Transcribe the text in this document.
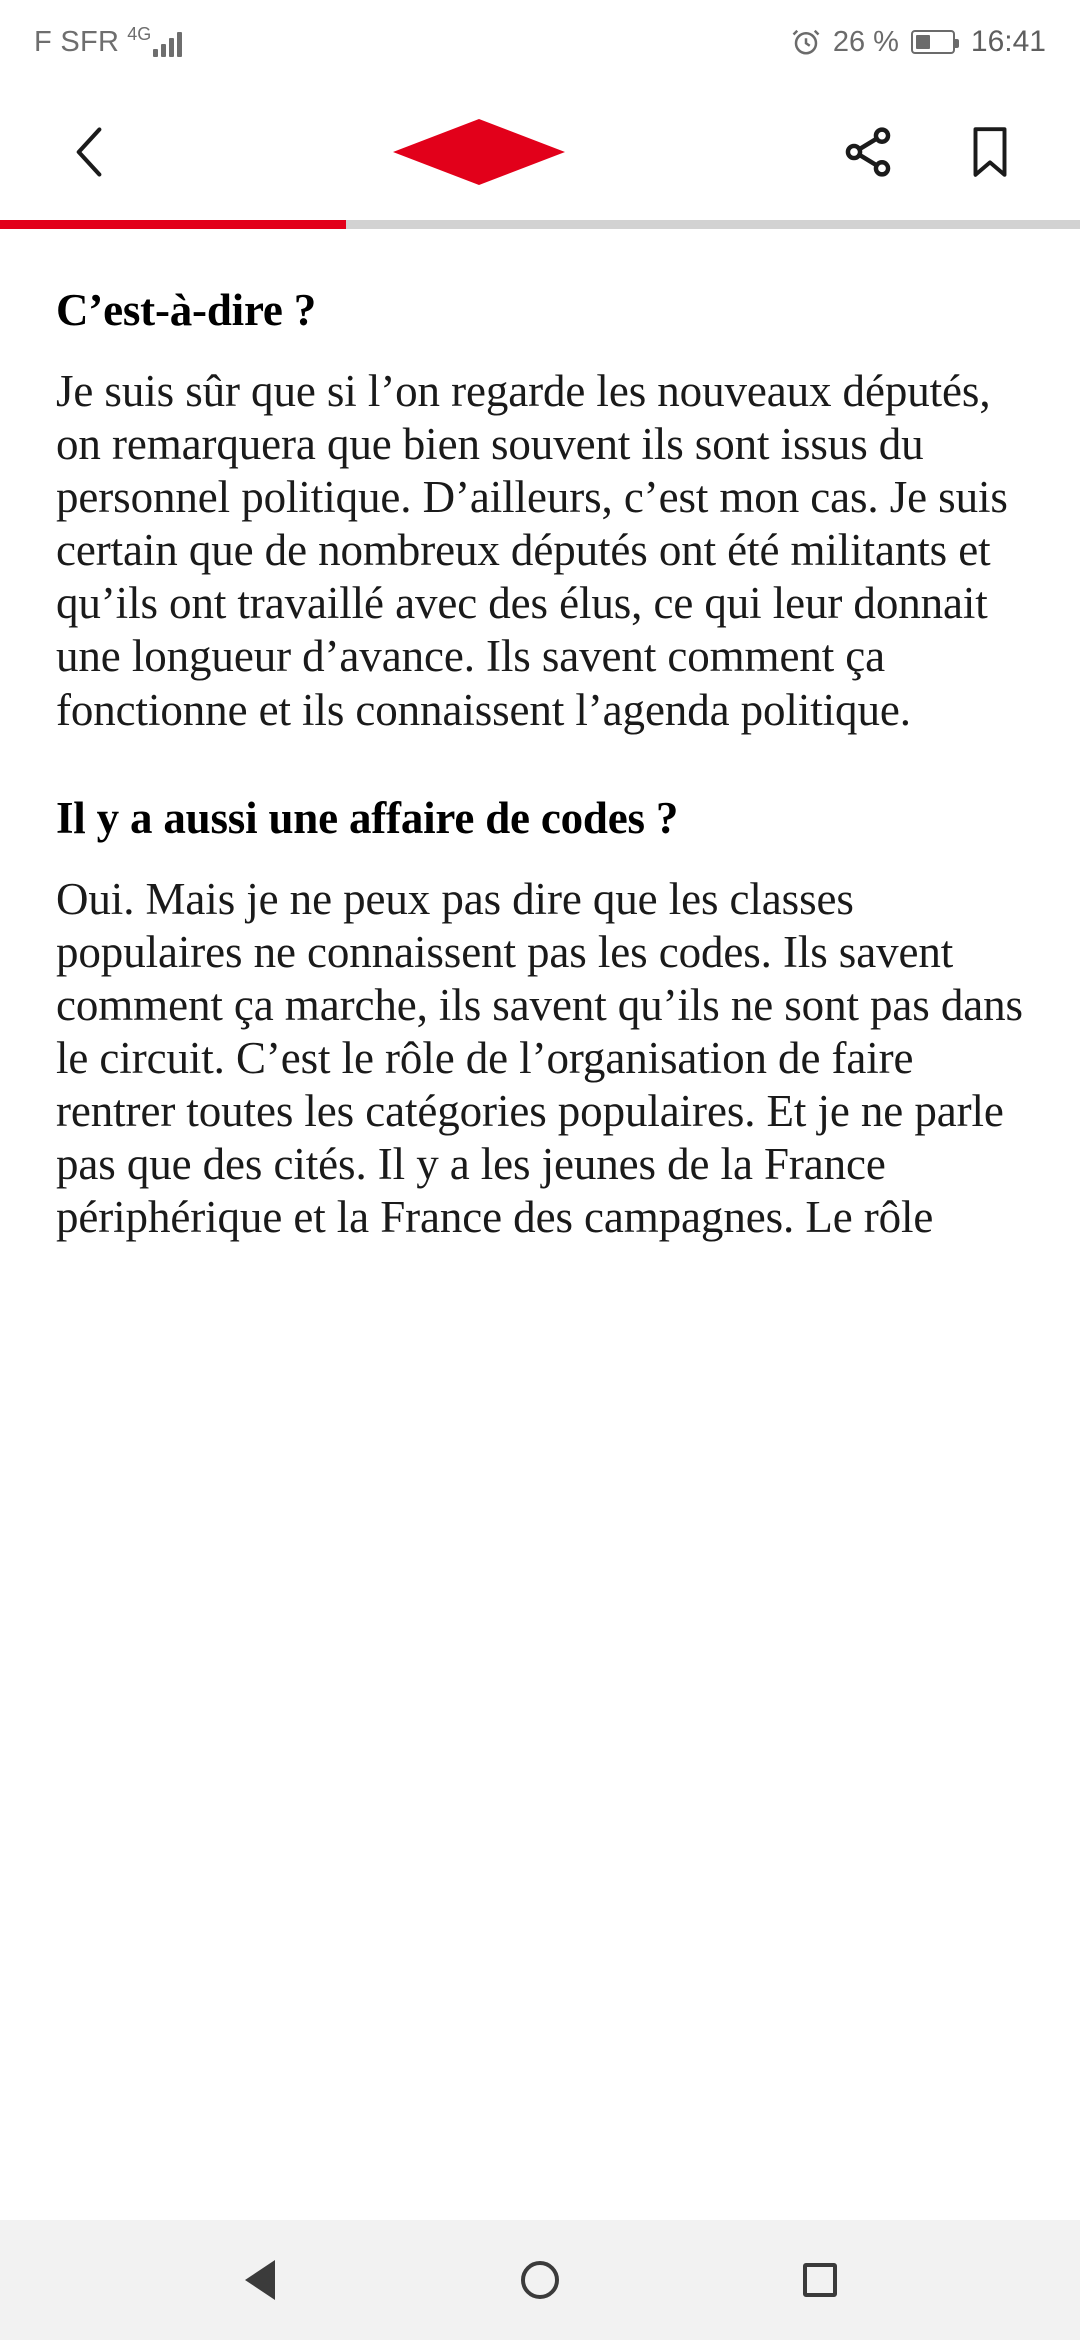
F SFR 4G	26 % 16:41
C’est-à-dire ?

Je suis sûr que si l’on regarde les nouveaux députés, on remarquera que bien souvent ils sont issus du personnel politique. D’ailleurs, c’est mon cas. Je suis certain que de nombreux députés ont été militants et qu’ils ont travaillé avec des élus, ce qui leur donnait une longueur d’avance. Ils savent comment ça fonctionne et ils connaissent l’agenda politique.

Il y a aussi une affaire de codes ?

Oui. Mais je ne peux pas dire que les classes populaires ne connaissent pas les codes. Ils savent comment ça marche, ils savent qu’ils ne sont pas dans le circuit. C’est le rôle de l’organisation de faire rentrer toutes les catégories populaires. Et je ne parle pas que des cités. Il y a les jeunes de la France périphérique et la France des campagnes. Le rôle
